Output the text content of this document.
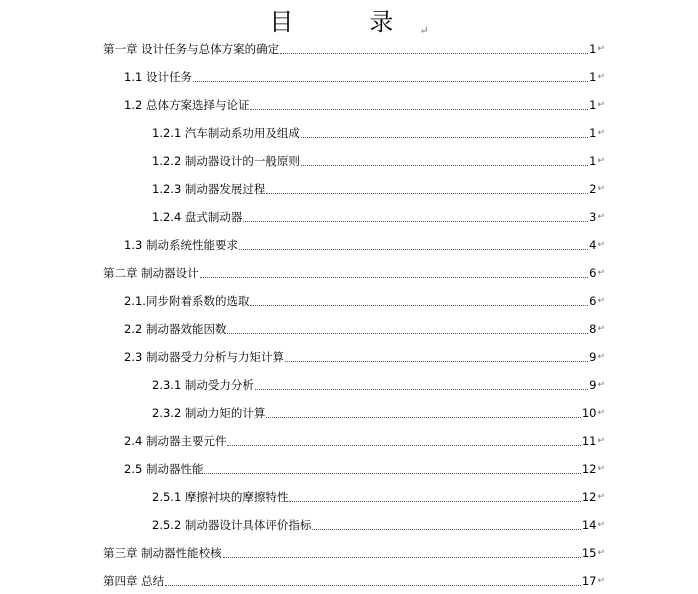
目　录↵
第一章 设计任务与总体方案的确定	1 ↵
1.1 设计任务	1 ↵
1.2 总体方案选择与论证	1 ↵
1.2.1 汽车制动系功用及组成	1 ↵
1.2.2 制动器设计的一般原则	1 ↵
1.2.3 制动器发展过程	2 ↵
1.2.4 盘式制动器	3 ↵
1.3 制动系统性能要求	4 ↵
第二章 制动器设计	6 ↵
2.1.同步附着系数的选取	6 ↵
2.2 制动器效能因数	8 ↵
2.3 制动器受力分析与力矩计算	9 ↵
2.3.1 制动受力分析	9 ↵
2.3.2 制动力矩的计算	10 ↵
2.4 制动器主要元件	11 ↵
2.5 制动器性能	12 ↵
2.5.1 摩擦衬块的摩擦特性	12 ↵
2.5.2 制动器设计具体评价指标	14 ↵
第三章 制动器性能校核	15 ↵
第四章 总结	17 ↵
